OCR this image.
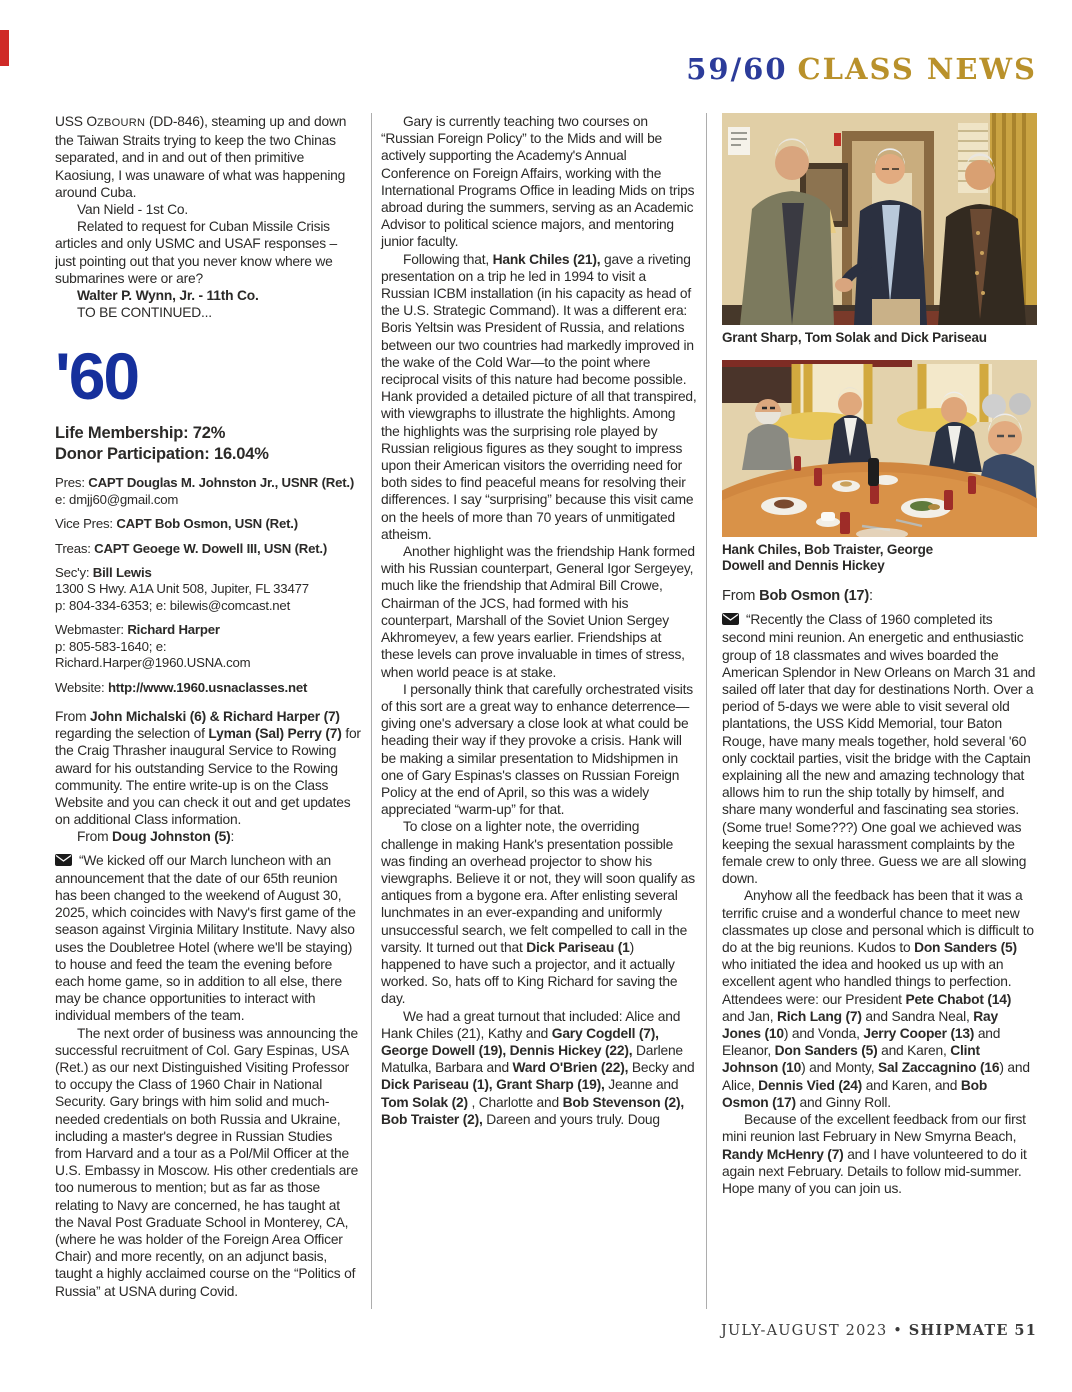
59/60 CLASS NEWS

USS OZBOURN (DD-846), steaming up and down the Taiwan Straits trying to keep the two Chinas separated, and in and out of then primitive Kaosiung, I was unaware of what was happening around Cuba.

Van Nield - 1st Co.

Related to request for Cuban Missile Crisis articles and only USMC and USAF responses – just pointing out that you never know where we submarines were or are?

Walter P. Wynn, Jr. - 11th Co.

TO BE CONTINUED...

'60
Life Membership: 72%
Donor Participation: 16.04%
Pres: CAPT Douglas M. Johnston Jr., USNR (Ret.)
e: dmjj60@gmail.com
Vice Pres: CAPT Bob Osmon, USN (Ret.)
Treas: CAPT Geoege W. Dowell III, USN (Ret.)
Sec'y: Bill Lewis
1300 S Hwy. A1A Unit 508, Jupiter, FL 33477
p: 804-334-6353; e: bilewis@comcast.net
Webmaster: Richard Harper
p: 805-583-1640; e: Richard.Harper@1960.USNA.com
Website: http://www.1960.usnaclasses.net

From John Michalski (6) & Richard Harper (7) regarding the selection of Lyman (Sal) Perry (7) for the Craig Thrasher inaugural Service to Rowing award for his outstanding Service to the Rowing community. The entire write-up is on the Class Website and you can check it out and get updates on additional Class information.

From Doug Johnston (5):

“We kicked off our March luncheon with an announcement that the date of our 65th reunion has been changed to the weekend of August 30, 2025, which coincides with Navy's first game of the season against Virginia Military Institute. Navy also uses the Doubletree Hotel (where we'll be staying) to house and feed the team the evening before each home game, so in addition to all else, there may be chance opportunities to interact with individual members of the team.

The next order of business was announcing the successful recruitment of Col. Gary Espinas, USA (Ret.) as our next Distinguished Visiting Professor to occupy the Class of 1960 Chair in National Security. Gary brings with him solid and much-needed credentials on both Russia and Ukraine, including a master's degree in Russian Studies from Harvard and a tour as a Pol/Mil Officer at the U.S. Embassy in Moscow. His other credentials are too numerous to mention; but as far as those relating to Navy are concerned, he has taught at the Naval Post Graduate School in Monterey, CA, (where he was holder of the Foreign Area Officer Chair) and more recently, on an adjunct basis, taught a highly acclaimed course on the “Politics of Russia” at USNA during Covid.

Gary is currently teaching two courses on “Russian Foreign Policy” to the Mids and will be actively supporting the Academy's Annual Conference on Foreign Affairs, working with the International Programs Office in leading Mids on trips abroad during the summers, serving as an Academic Advisor to political science majors, and mentoring junior faculty.

Following that, Hank Chiles (21), gave a riveting presentation on a trip he led in 1994 to visit a Russian ICBM installation (in his capacity as head of the U.S. Strategic Command). It was a different era: Boris Yeltsin was President of Russia, and relations between our two countries had markedly improved in the wake of the Cold War—to the point where reciprocal visits of this nature had become possible. Hank provided a detailed picture of all that transpired, with viewgraphs to illustrate the highlights. Among the highlights was the surprising role played by Russian religious figures as they sought to impress upon their American visitors the overriding need for both sides to find peaceful means for resolving their differences. I say “surprising” because this visit came on the heels of more than 70 years of unmitigated atheism.

Another highlight was the friendship Hank formed with his Russian counterpart, General Igor Sergeyey, much like the friendship that Admiral Bill Crowe, Chairman of the JCS, had formed with his counterpart, Marshall of the Soviet Union Sergey Akhromeyev, a few years earlier. Friendships at these levels can prove invaluable in times of stress, when world peace is at stake.

I personally think that carefully orchestrated visits of this sort are a great way to enhance deterrence—giving one's adversary a close look at what could be heading their way if they provoke a crisis. Hank will be making a similar presentation to Midshipmen in one of Gary Espinas's classes on Russian Foreign Policy at the end of April, so this was a widely appreciated “warm-up” for that.

To close on a lighter note, the overriding challenge in making Hank's presentation possible was finding an overhead projector to show his viewgraphs. Believe it or not, they will soon qualify as antiques from a bygone era. After enlisting several lunchmates in an ever-expanding and uniformly unsuccessful search, we felt compelled to call in the varsity. It turned out that Dick Pariseau (1) happened to have such a projector, and it actually worked. So, hats off to King Richard for saving the day.

We had a great turnout that included: Alice and Hank Chiles (21), Kathy and Gary Cogdell (7), George Dowell (19), Dennis Hickey (22), Darlene Matulka, Barbara and Ward O'Brien (22), Becky and Dick Pariseau (1), Grant Sharp (19), Jeanne and Tom Solak (2) , Charlotte and Bob Stevenson (2), Bob Traister (2), Dareen and yours truly. Doug

Grant Sharp, Tom Solak and Dick Pariseau
Hank Chiles, Bob Traister, George Dowell and Dennis Hickey

From Bob Osmon (17):

“Recently the Class of 1960 completed its second mini reunion. An energetic and enthusiastic group of 18 classmates and wives boarded the American Splendor in New Orleans on March 31 and sailed off later that day for destinations North. Over a period of 5-days we were able to visit several old plantations, the USS Kidd Memorial, tour Baton Rouge, have many meals together, hold several '60 only cocktail parties, visit the bridge with the Captain explaining all the new and amazing technology that allows him to run the ship totally by himself, and share many wonderful and fascinating sea stories. (Some true! Some???) One goal we achieved was keeping the sexual harassment complaints by the female crew to only three. Guess we are all slowing down.

Anyhow all the feedback has been that it was a terrific cruise and a wonderful chance to meet new classmates up close and personal which is difficult to do at the big reunions. Kudos to Don Sanders (5) who initiated the idea and hooked us up with an excellent agent who handled things to perfection. Attendees were: our President Pete Chabot (14) and Jan, Rich Lang (7) and Sandra Neal, Ray Jones (10) and Vonda, Jerry Cooper (13) and Eleanor, Don Sanders (5) and Karen, Clint Johnson (10) and Monty, Sal Zaccagnino (16) and Alice, Dennis Vied (24) and Karen, and Bob Osmon (17) and Ginny Roll.

Because of the excellent feedback from our first mini reunion last February in New Smyrna Beach, Randy McHenry (7) and I have volunteered to do it again next February. Details to follow mid-summer. Hope many of you can join us.

JULY-AUGUST 2023 • SHIPMATE 51
